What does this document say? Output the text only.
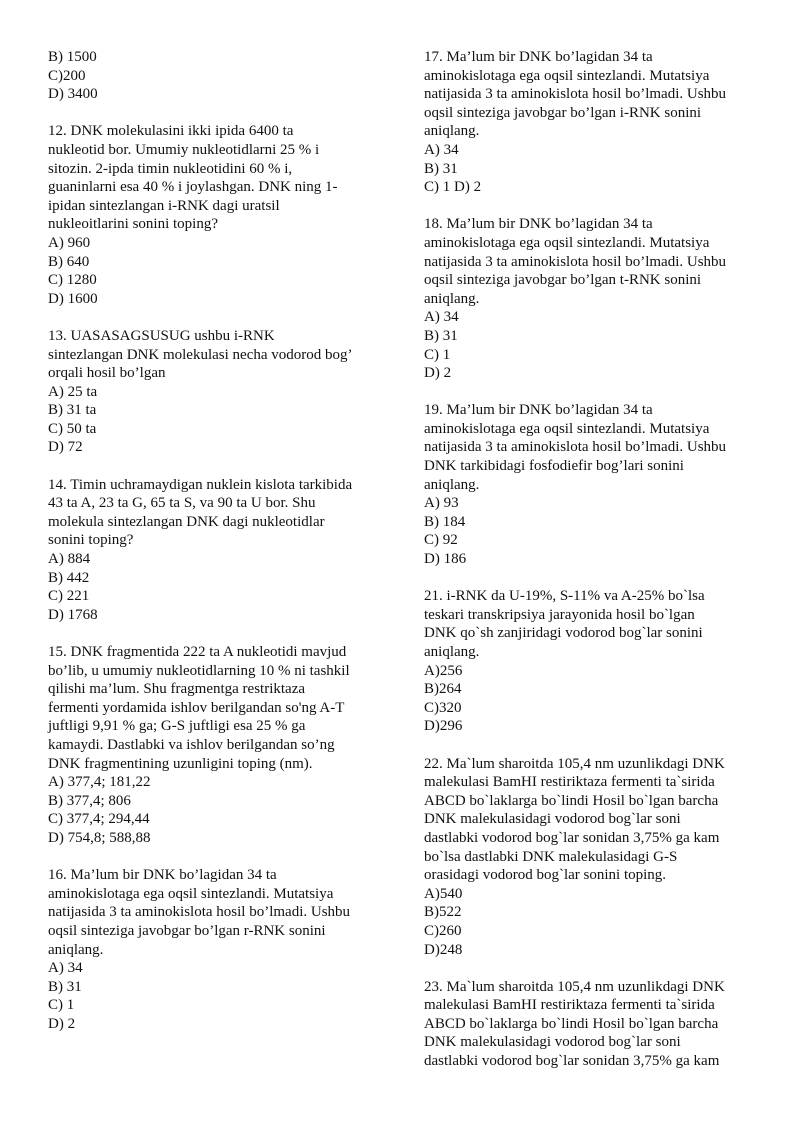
B) 1500
C)200
D) 3400
12. DNK molekulasini ikki ipida 6400 ta
nukleotid bor. Umumiy nukleotidlarni 25 % i
sitozin. 2-ipda timin nukleotidini 60 % i,
guaninlarni esa 40 % i joylashgan. DNK ning 1-
ipidan sintezlangan i-RNK dagi uratsil
nukleoitlarini sonini toping?
A) 960
B) 640
C) 1280
D) 1600
13. UASASAGSUSUG ushbu i-RNK
sintezlangan DNK molekulasi necha vodorod bog’
orqali hosil bo’lgan
A) 25 ta
B) 31 ta
C) 50 ta
D) 72
14. Timin uchramaydigan nuklein kislota tarkibida
43 ta A, 23 ta G, 65 ta S, va 90 ta U bor. Shu
molekula sintezlangan DNK dagi nukleotidlar
sonini toping?
A) 884
B) 442
C) 221
D) 1768
15. DNK fragmentida 222 ta A nukleotidi mavjud
bo’lib, u umumiy nukleotidlarning 10 % ni tashkil
qilishi ma’lum. Shu fragmentga restriktaza
fermenti yordamida ishlov berilgandan so'ng A-T
juftligi 9,91 % ga; G-S juftligi esa 25 % ga
kamaydi. Dastlabki va ishlov berilgandan so’ng
DNK fragmentining uzunligini toping (nm).
A) 377,4; 181,22
B) 377,4; 806
C) 377,4; 294,44
D) 754,8; 588,88
16. Ma’lum bir DNK bo’lagidan 34 ta
aminokislotaga ega oqsil sintezlandi. Mutatsiya
natijasida 3 ta aminokislota hosil bo’lmadi. Ushbu
oqsil sinteziga javobgar bo’lgan r-RNK sonini
aniqlang.
A) 34
B) 31
C) 1
D) 2
17. Ma’lum bir DNK bo’lagidan 34 ta
aminokislotaga ega oqsil sintezlandi. Mutatsiya
natijasida 3 ta aminokislota hosil bo’lmadi. Ushbu
oqsil sinteziga javobgar bo’lgan i-RNK sonini
aniqlang.
A) 34
B) 31
C) 1 D) 2
18. Ma’lum bir DNK bo’lagidan 34 ta
aminokislotaga ega oqsil sintezlandi. Mutatsiya
natijasida 3 ta aminokislota hosil bo’lmadi. Ushbu
oqsil sinteziga javobgar bo’lgan t-RNK sonini
aniqlang.
A) 34
B) 31
C) 1
D) 2
19. Ma’lum bir DNK bo’lagidan 34 ta
aminokislotaga ega oqsil sintezlandi. Mutatsiya
natijasida 3 ta aminokislota hosil bo’lmadi. Ushbu
DNK tarkibidagi fosfodiefir bog’lari sonini
aniqlang.
A) 93
B) 184
C) 92
D) 186
21. i-RNK da U-19%, S-11% va A-25% bo`lsa
teskari transkripsiya jarayonida hosil bo`lgan
DNK qo`sh zanjiridagi vodorod bog`lar sonini
aniqlang.
A)256
B)264
C)320
D)296
22. Ma`lum sharoitda 105,4 nm uzunlikdagi DNK
malekulasi BamHI restiriktaza fermenti ta`sirida
ABCD bo`laklarga bo`lindi Hosil bo`lgan barcha
DNK malekulasidagi vodorod bog`lar soni
dastlabki vodorod bog`lar sonidan 3,75% ga kam
bo`lsa dastlabki DNK malekulasidagi G-S
orasidagi vodorod bog`lar sonini toping.
A)540
B)522
C)260
D)248
23. Ma`lum sharoitda 105,4 nm uzunlikdagi DNK
malekulasi BamHI restiriktaza fermenti ta`sirida
ABCD bo`laklarga bo`lindi Hosil bo`lgan barcha
DNK malekulasidagi vodorod bog`lar soni
dastlabki vodorod bog`lar sonidan 3,75% ga kam
